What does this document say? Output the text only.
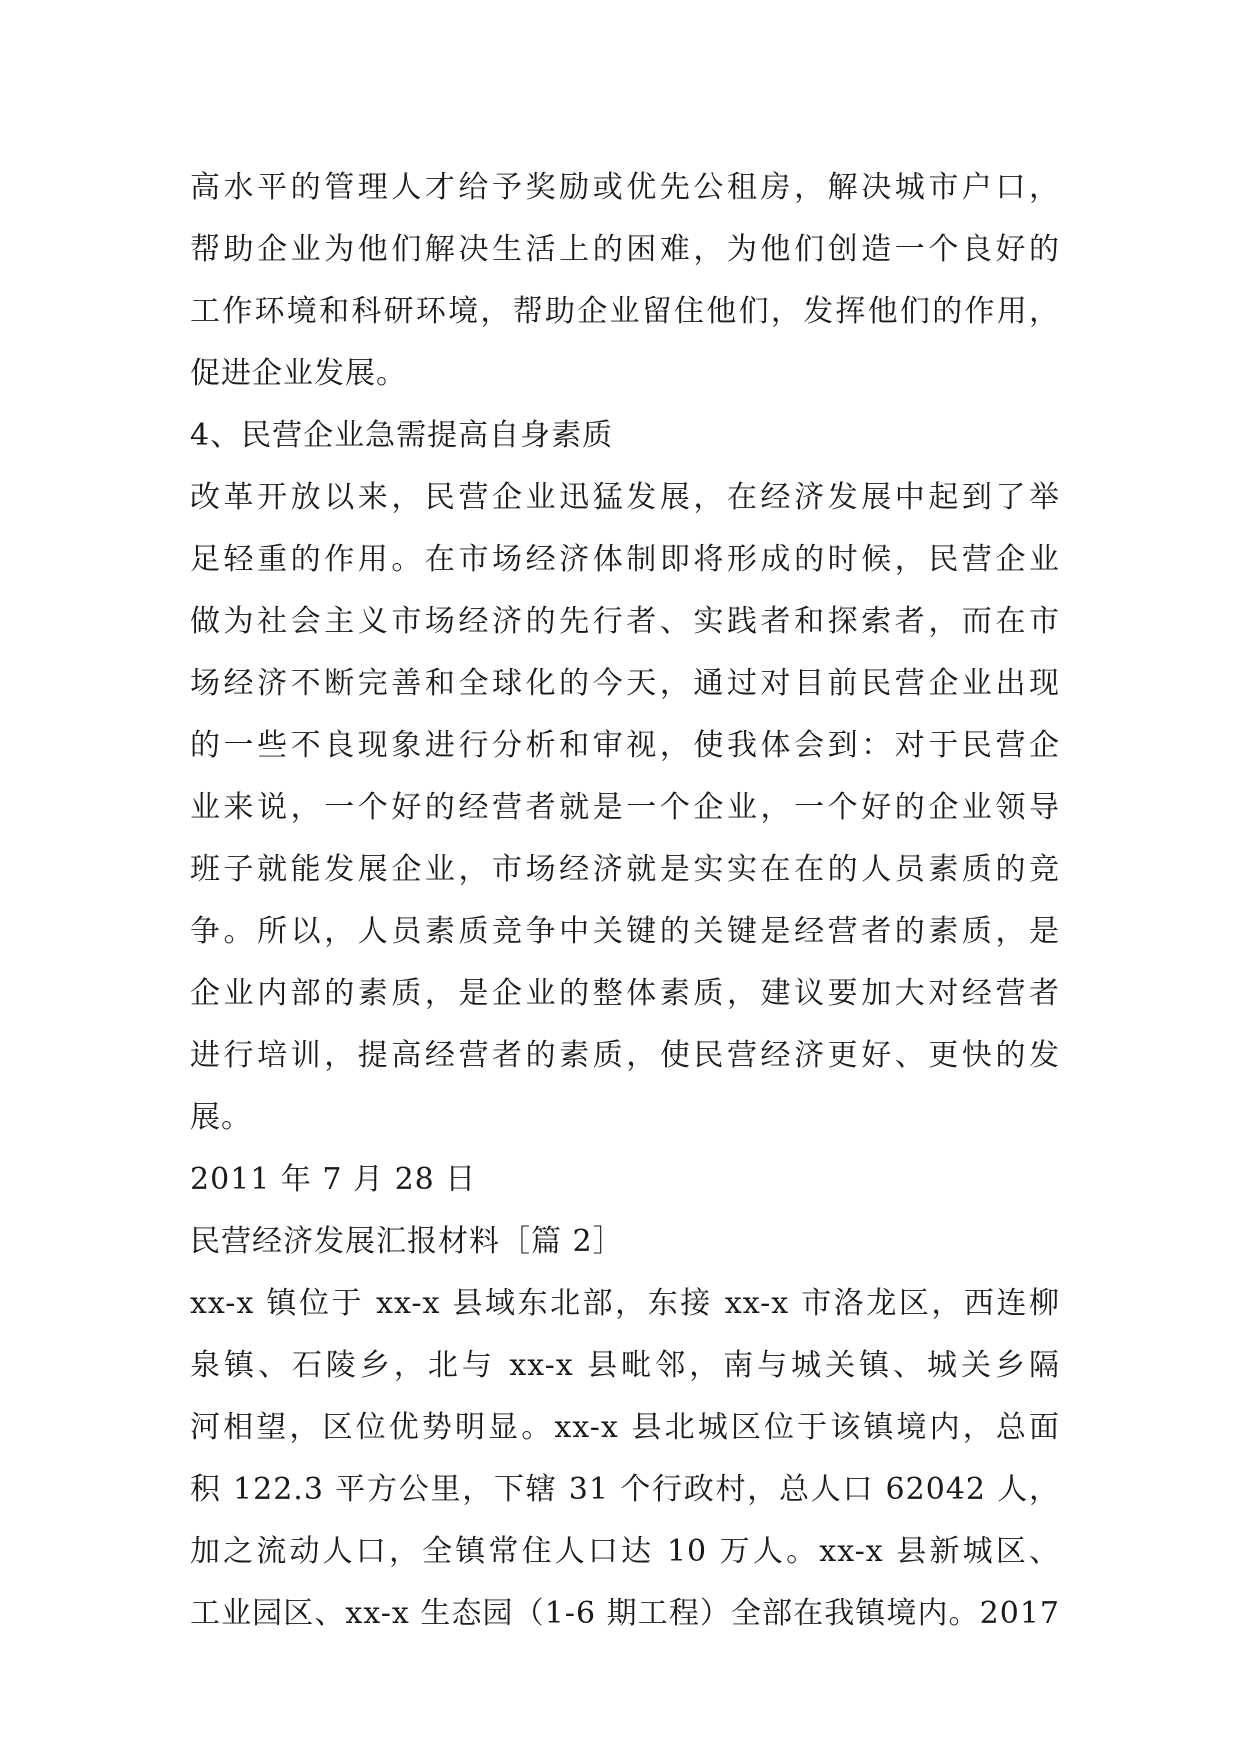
高水平的管理人才给予奖励或优先公租房，解决城市户口，
帮助企业为他们解决生活上的困难，为他们创造一个良好的
工作环境和科研环境，帮助企业留住他们，发挥他们的作用，
促进企业发展。
4、民营企业急需提高自身素质
改革开放以来，民营企业迅猛发展，在经济发展中起到了举
足轻重的作用。在市场经济体制即将形成的时候，民营企业
做为社会主义市场经济的先行者、实践者和探索者，而在市
场经济不断完善和全球化的今天，通过对目前民营企业出现
的一些不良现象进行分析和审视，使我体会到：对于民营企
业来说，一个好的经营者就是一个企业，一个好的企业领导
班子就能发展企业，市场经济就是实实在在的人员素质的竞
争。所以，人员素质竞争中关键的关键是经营者的素质，是
企业内部的素质，是企业的整体素质，建议要加大对经营者
进行培训，提高经营者的素质，使民营经济更好、更快的发
展。
2011 年 7 月 28 日
民营经济发展汇报材料［篇 2］
xx-x 镇位于 xx-x 县域东北部，东接 xx-x 市洛龙区，西连柳
泉镇、石陵乡，北与 xx-x 县毗邻，南与城关镇、城关乡隔
河相望，区位优势明显。xx-x 县北城区位于该镇境内，总面
积 122.3 平方公里，下辖 31 个行政村，总人口 62042 人，
加之流动人口，全镇常住人口达 10 万人。xx-x 县新城区、
工业园区、xx-x 生态园（1-6 期工程）全部在我镇境内。2017
